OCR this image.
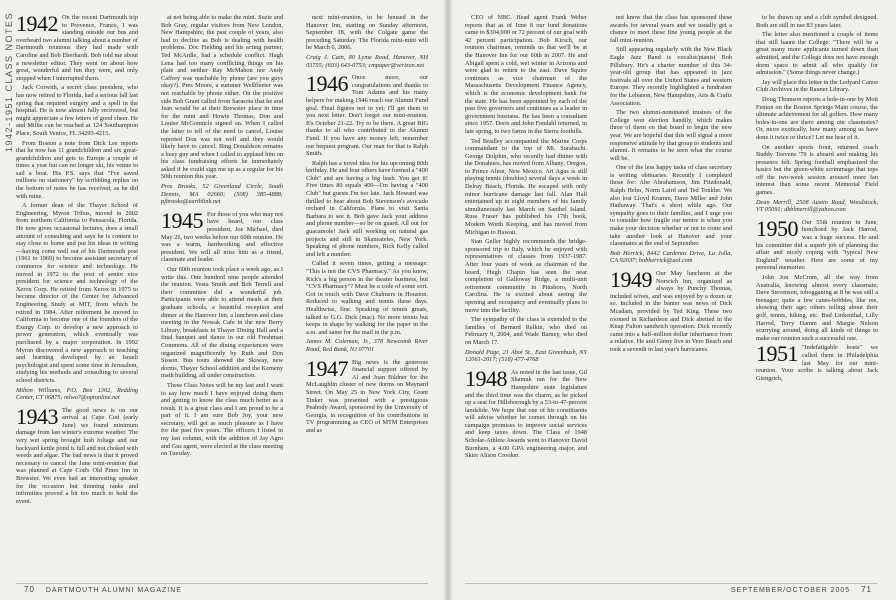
1942-1951 CLASS NOTES 1942 On the recent Dartmouth trip to Provence, France, I was standing outside our bus and overheard two alumni talking about a number of Dartmouth reunions they had made with Caroline and Bob Eberhardt. Bob told me about a newsletter editor. They went on about how great, wonderful and fun they were, and only stopped when I interrupted them.

Jack Corwith, a secret class president, who has now retired to Florida, had a serious fall last spring that required surgery and a spell in the hospital. He is now almost fully recovered, but might appreciate a few letters of good cheer. He and Millie can be reached at 124 Southampton Place, South Venice, FL 34293-4215.

From Boston a note from Dick Lee reports that he now has 11 grandchildren and six great-grandchildren and gets to Europe a couple of times a year but can no longer ski, his venue to sail a boat. His P.S. says that "I've saved millions on stationery" by scribbling replies on the bottom of notes he has received, as he did with mine.

A former dean of the Thayer School of Engineering, Myron Tribus, moved in 2002 from northern California to Pensacola, Florida. He now gives occasional lectures, does a small amount of consulting and says he is content to stay close to home and put his ideas in writing—having come well out of his Dartmouth post (1961 to 1969) to become assistant secretary of commerce for science and technology. He moved in 1972 to the post of senior vice president for science and technology of the Xerox Corp. He retired from Xerox in 1975 to become director of the Center for Advanced Engineering Study at MIT, from which he retired in 1984. After retirement he moved to California to become one of the founders of the Exergy Corp. to develop a new approach to power generation, which eventually was purchased by a major corporation. In 1992 Myron discovered a new approach to teaching and learning developed by an Israeli psychologist and spent some time in Jerusalem, studying his methods and consulting to several school districts.

Milton Williams, P.O. Box 1302, Redding Center, CT 06875; mlwo7@optonline.net

1943 The good news is on our arrival at Cape Cod (early June) we found minimum damage from last winter's extreme weather. The very wet spring brought lush foliage and our backyard kettle pond is full and not choked with weeds and algae. The bad news is that it proved necessary to cancel the June mini-reunion that was planned at Cape Cod's Old Pines Inn in Brewster. We even had an interesting speaker for the occasion but thinning ranks and infirmities proved a bit too much to hold the event.

at not being able to make the mini. Suzie and Bob Gray, regular visitors from New London, New Hampshire, the past couple of years, also had to decline as Bob is dealing with health problems. Doc Fielding and his acting partner, Ted McArdle, had a schedule conflict. Hugh Lena had too many conflicting things on his plate and neither Ray McMahon nor Andy Caffrey was reachable by phone (are you guys okay?). Pres Moore, a summer Wellfleeter was not reachable by phone either. On the positive side Bob Grant called from Sarasota that he and Jean would be at their Brewster place in time for the mini and Howie Thomas, Don and Louise McGonnicle signed on. When I called the latter to tell of the need to cancel, Louise reported Don was not well and they would likely have to cancel. Bing Donaldson remains a busy guy and when I called to applaud him on his class fundraising efforts he immediately asked if he could sign me up as a regular for his 50th reunion this year.

Pres Brooks, 52 Greenland Circle, South Dennis, MA 02660; (508) 385-4888; pjbrooks@earthlink.net

1945 For those of you who may not have heard, our class president, Joe Michael, died May 26, two weeks before our 60th reunion. He was a warm, hardworking and effective president. We will all miss him as a friend, classmate and leader.

Our 60th reunion took place a week ago, as I write this. One hundred nine people attended the reunion. Vesta Smith and Bob Terrell and their committee did a wonderful job. Participants were able to attend meals at their graduate schools, a beautiful reception and dinner at the Hanover Inn, a luncheon and class meeting in the Nowak Cafe in the new Berry Library, breakfasts in Thayer Dining Hall and a final banquet and dance in our old Freshman Commons. All of the dining experiences were organized magnificently by Ruth and Don Sisson. Bus tours showed the Skiway, new dorms, Thayer School addition and the Kemeny math building, all under construction.

These Class Notes will be my last and I want to say how much I have enjoyed doing them and getting to know the class much better as a result. It is a great class and I am proud to be a part of it. I am sure Bob Joy, your new secretary, will get as much pleasure as I have for the past five years. The officers I listed in my last column, with the addition of Jay Agro and Gus agent, were elected at the class meeting on Tuesday.

next mini-reunion, to be housed in the Hanover Inn, starting on Sunday afternoon, September 18, with the Colgate game the preceding Saturday. The Florida mini-mini will be March 6, 2006.

Craig J. Cain, 80 Lyme Road, Hanover, NH 03755; (603) 643-0753; cmpaper@verizon.net

1946 Once more, our congratulations and thanks to Tom Adams and his many helpers for making 1946 reach our Alumni Fund goal. Final figures not in yet; I'll get them to you next letter. Don't forget our mini-reunion. It's October 21-22. Try to be there. A great BIG thanks to all who contributed to the Alumni Fund. If you have any money left, remember our bequest program. Our man for that is Ralph Smith.

Ralph has a novel idea for his upcoming 80th birthday. He and four others have formed a "400 Club" and are having a big bash. You get it! Five times 80 equals 400—I'm having a "400 Club" but guests I'm too late. Jack Howard was thrilled to hear about Bob Stevenson's avocado orchard in California. Plans to visit Santa Barbara to see it. Bob gave Jack your address and phone number—so be on guard. All out for guacamole! Jack still working on natural gas projects and still in Skaneateles, New York. Speaking of phone numbers, Rick Kelly called and left a number.

Called it seven times, getting a message: "This is not the CVS Pharmacy." As you know, Rick's a big person in the theater business, but "CVS Pharmacy"? Must be a code of some sort. Got in touch with Dave Chalmers in Houston. Reduced to walking and tennis these days. Healthwise, fine. Speaking of tennis greats, talked to G.G. Dick (mac). No more tennis but keeps in shape by walking for the paper in the a.m. and same for the mail in the p.m.

James M. Coleman, Jr., 378 Newcomb River Road, Red Bank, NJ 07701

1947 Big news is the generous financial support offered by Al and Joan Bildner for the McLaughlin cluster of new dorms on Maynard Street. On May 25 in New York City, Grant Tinker was presented with a prestigious Peabody Award, sponsored by the University of Georgia, in recognition of his contributions in TV programming as CEO of MTM Enterprises and as

CEO of NBC. Head agent Frank Weber reports that as of June 8 our fund donations came to $304,000 or 72 percent of our goal with 42 percent participation. Bob Kirsch, our reunion chairman, reminds us that we'll be at the Hanover Inn for our 60th in 2007. He and Abigail spent a cold, wet winter in Arizona and were glad to return to the east. Dave Squire continues as vice chairman of the Massachusetts Development Finance Agency, which is the economic development bank for the state. He has been appointed by each of the past five governors and continues as a leader in government business. He has been a consultant since 1957. Doris and John Fondahl returned, in late spring, to two farms in the Sierra foothills.

Ted Bradley accompanied the Marine Corps commandant to the top of Mt. Surabachi. George Dolphin, who recently had dinner with the Donahues, has moved from Albany, Oregon, to Prince Alton, New Mexico. Art Agus is still playing tennis (doubles) several days a week in Delray Beach, Florida. He escaped with only minor hurricane damage last fall. Alan Hall entertained up to eight members of his family simultaneously last March on Sanibel Island. Russ Fraser has published his 17th book, Modern Worth Keeping, and has moved from Michigan to Hawaii.

Stan Geller highly recommends the bridge-sponsored trip to Italy, which he enjoyed with representatives of classes from 1937-1987. After four years of work as chairman of the board, Hugh Chapin has seen the near completion of Galloway Ridge, a multi-unit retirement community in Pittsboro, North Carolina. He is excited about seeing the opening and occupancy and eventually plans to move into the facility.

The sympathy of the class is extended to the families of Bernard Relkin, who died on February 9, 2004, and Wade Barney, who died on March 17.

Donald Page, 21 Aboi St., East Greenbush, NY 12061-2017; (518) 477-4768

1948 As noted in the last issue, Gil Shamuk ran for the New Hampshire state legislature and the third time was the charm, as he picked up a seat for Hillsborough by a 53-to-47-percent landslide. We hope that one of his constituents will advise whether he comes through on his campaign promises to improve social services and keep taxes down. The Class of 1948 Scholar-Athlete Awards went to Hanover David Burnham, a 4.00 GPA engineering major, and Skier Alison Crooker.

not know that the class has sponsored these awards for several years and we usually get a chance to meet these fine young people at the fall mini-reunion.

Still appearing regularly with the New Black Eagle Jazz Band is vocalist/pianist Bob Pillsbury. He's a charter member of this 34-year-old group that has appeared in jazz festivals all over the United States and western Europe. They recently highlighted a fundraiser for the Lebanon, New Hampshire, Arts & Crafts Association.

The two alumni-nominated trustees of the College won election handily, which makes three of them on that board to begin the new year. We are hopeful that this will signal a more responsive attitude by that group to students and alumni. It remains to be seen what the course will be.

One of the less happy tasks of class secretary is writing obituaries. Recently I completed those for: Abe Abrahamson, Jim Fitzdonald, Ralph Helm, Norm Laird and Ted Tonkler. We also lost Lloyd Kramm, Dave Miller and John Hathaway. That's a short while ago. Our sympathy goes to their families, and I urge you to consider how fragile our tenure is when you make your decision whether or not to come and take another look at Hanover and your classmates at the end of September.

Bob Herrick, 8442 Cardenas Drive, La Jolla, CA 92037; bobherrick@aol.com

1949 Our May luncheon at the Norwich Inn, organized as always by Punchy Thomas, included wives, and was enjoyed by a dozen or so. Included in the banter was news of Dick Mcadam, provided by Ted King. These two roomed in Richardson and Dick abetted in the Knap Fulton sandwich operation. Dick recently came into a half-million dollar inheritance from a relative. He and Ginny live in Vero Beach and took a seventh in last year's hurricanes.

to be drawn up and a club symbol designed. Both are still in use 83 years later.

The letter also mentioned a couple of items that still haunt the College: "There will be a great many more applicants turned down than admitted, and the College does not have enough dorm space to admit all who qualify for admission." (Some things never change.)

Jay will place this letter in the Ledyard Canoe Club Archives in the Rauner Library.

Doug Thomson reports a hole-in-one by Mott Fenton on the Boston Springs Main course, the ultimate achievement for all golfers. How many holes-in-one are there among our classmates? Or, more exotically, how many among us have done it twice or thrice? Let me hear of it.

On another sports front, returned coach Buddy Teevens '79 is aboard and making his presence felt. Spring football emphasized the basics but the green-white scrimmage that tops off the two-week session aroused more fan interest than some recent Memorial Field games.

Dean Merrill, 2508 Austin Road, Woodstock, VT 05091; dkblmerrill@yahoo.com

1950 Our 55th reunion in June, honchoed by Jack Harrod, was a huge success. He and his committee did a superb job of planning the affair and nicely coping with "typical New England" weather. Here are some of my personal memories:

John Jon McCrum, all the way from Australia, knowing almost every classmate; Dave Stevenson, tobogganing at 8 he was still a teenager; quite a few canes-bobbles, like me, showing their age; others telling about their golf, tennis, hiking, etc. Bud Linkenthal, Lilly Harrod, Terry Hamm and Margie Nelson scurrying around, doing all kinds of things to make our reunion such a successful one.

1951 "Indefatigable hosts" we called them in Philadelphia last May for our mini-reunion. Your scribe is talking about Jack Giengrich,

70 DARTMOUTH ALUMNI MAGAZINE	SEPTEMBER/OCTOBER 2005 71
